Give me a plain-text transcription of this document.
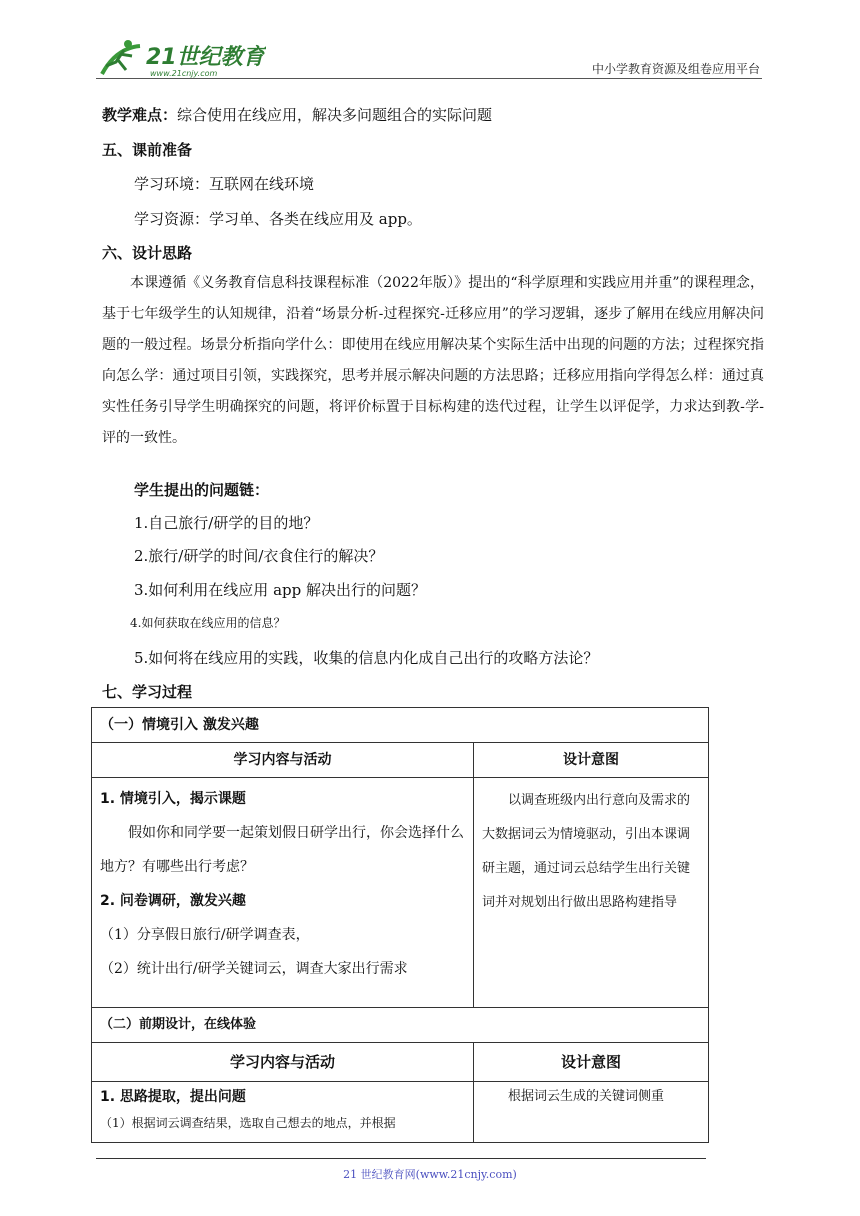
21世纪教育
www.21cnjy.com	中小学教育资源及组卷应用平台
教学难点：综合使用在线应用，解决多问题组合的实际问题
五、课前准备
学习环境：互联网在线环境
学习资源：学习单、各类在线应用及 app。
六、设计思路
本课遵循《义务教育信息科技课程标准（2022年版）》提出的“科学原理和实践应用并重”的课程理念，基于七年级学生的认知规律，沿着“场景分析-过程探究-迁移应用”的学习逻辑，逐步了解用在线应用解决问题的一般过程。场景分析指向学什么：即使用在线应用解决某个实际生活中出现的问题的方法；过程探究指向怎么学：通过项目引领，实践探究，思考并展示解决问题的方法思路；迁移应用指向学得怎么样：通过真实性任务引导学生明确探究的问题，将评价标置于目标构建的迭代过程，让学生以评促学，力求达到教-学-评的一致性。
学生提出的问题链：
1.自己旅行/研学的目的地？
2.旅行/研学的时间/衣食住行的解决？
3.如何利用在线应用 app 解决出行的问题？
4.如何获取在线应用的信息？
5.如何将在线应用的实践，收集的信息内化成自己出行的攻略方法论？
七、学习过程
（一）情境引入 激发兴趣	
学习内容与活动	设计意图

1. 情境引入，揭示课题
假如你和同学要一起策划假日研学出行，你会选择什么地方？有哪些出行考虑？
2. 问卷调研，激发兴趣
（1）分享假日旅行/研学调查表，
（2）统计出行/研学关键词云，调查大家出行需求	以调查班级内出行意向及需求的大数据词云为情境驱动，引出本课调研主题，通过词云总结学生出行关键词并对规划出行做出思路构建指导
（二）前期设计，在线体验	
学习内容与活动	设计意图

1. 思路提取，提出问题
（1）根据词云调查结果，选取自己想去的地点，并根据	根据词云生成的关键词侧重
21 世纪教育网(www.21cnjy.com)
